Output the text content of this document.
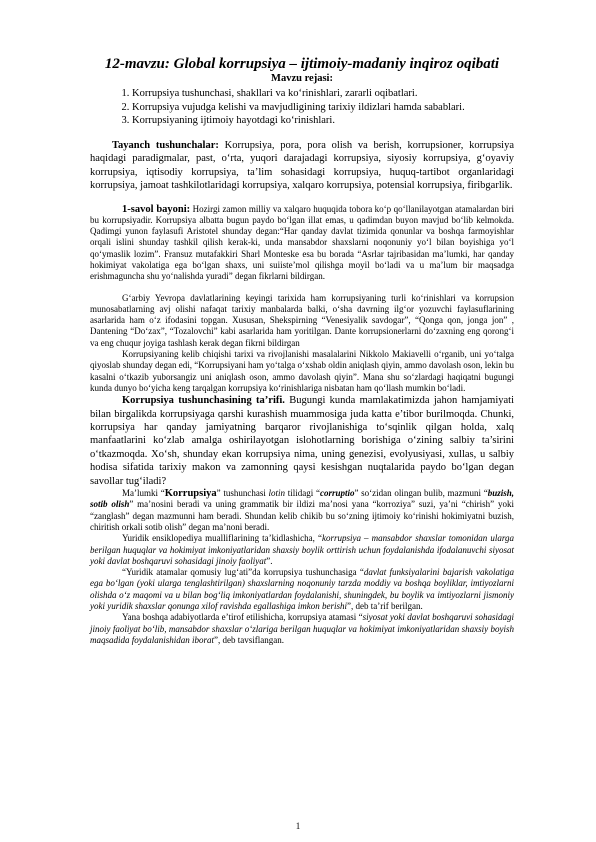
12-mavzu: Global korrupsiya – ijtimoiy-madaniy inqiroz oqibati
Mavzu rejasi:
1. Korrupsiya tushunchasi, shakllari va ko‘rinishlari, zararli oqibatlari.
2. Korrupsiya vujudga kelishi va mavjudligining tarixiy ildizlari hamda sabablari.
3. Korrupsiyaning ijtimoiy hayotdagi ko‘rinishlari.

Tayanch tushunchalar: Korrupsiya, pora, pora olish va berish, korrupsioner, korrupsiya haqidagi paradigmalar, past, o‘rta, yuqori darajadagi korrupsiya, siyosiy korrupsiya, g‘oyaviy korrupsiya, iqtisodiy korrupsiya, ta’lim sohasidagi korrupsiya, huquq-tartibot organlaridagi korrupsiya, jamoat tashkilotlaridagi korrupsiya, xalqaro korrupsiya, potensial korrupsiya, firibgarlik.

1-savol bayoni: Hozirgi zamon milliy va xalqaro huquqida tobora ko‘p qo‘llanilayotgan atamalardan biri bu korrupsiyadir. Korrupsiya albatta bugun paydo bo‘lgan illat emas, u qadimdan buyon mavjud bo‘lib kelmokda. Qadimgi yunon faylasufi Aristotel shunday degan:“Har qanday davlat tizimida qonunlar va boshqa farmoyishlar orqali islini shunday tashkil qilish kerak-ki, unda mansabdor shaxslarni noqonuniy yo‘l bilan boyishiga yo‘l qo‘ymaslik lozim”. Fransuz mutafakkiri Sharl Monteske esa bu borada “Asrlar tajribasidan ma’lumki, har qanday hokimiyat vakolatiga ega bo‘lgan shaxs, uni suiiste’mol qilishga moyil bo‘ladi va u ma’lum bir maqsadga erishmaguncha shu yo‘nalishda yuradi” degan fikrlarni bildirgan.

G‘arbiy Yevropa davlatlarining keyingi tarixida ham korrupsiyaning turli ko‘rinishlari va korrupsion munosabatlarning avj olishi nafaqat tarixiy manbalarda balki, o‘sha davrning ilg‘or yozuvchi faylasuflarining asarlarida ham o‘z ifodasini topgan. Xususan, Shekspirning “Venesiyalik savdogar”, “Qonga qon, jonga jon” , Dantening “Do‘zax”, “Tozalovchi” kabi asarlarida ham yoritilgan. Dante korrupsionerlarni do‘zaxning eng qorong‘i va eng chuqur joyiga tashlash kerak degan fikrni bildirgan

Korrupsiyaning kelib chiqishi tarixi va rivojlanishi masalalarini Nikkolo Makiavelli o‘rganib, uni yo‘talga qiyoslab shunday degan edi, “Korrupsiyani ham yo‘talga o‘xshab oldin aniqlash qiyin, ammo davolash oson, lekin bu kasalni o‘tkazib yuborsangiz uni aniqlash oson, ammo davolash qiyin”. Mana shu so‘zlardagi haqiqatni bugungi kunda dunyo bo‘yicha keng tarqalgan korrupsiya ko‘rinishlariga nisbatan ham qo‘llash mumkin bo‘ladi.

Korrupsiya tushunchasining ta’rifi. Bugungi kunda mamlakatimizda jahon hamjamiyati bilan birgalikda korrupsiyaga qarshi kurashish muammosiga juda katta e’tibor burilmoqda. Chunki, korrupsiya har qanday jamiyatning barqaror rivojlanishiga to‘sqinlik qilgan holda, xalq manfaatlarini ko‘zlab amalga oshirilayotgan islohotlarning borishiga o‘zining salbiy ta’sirini o‘tkazmoqda. Xo‘sh, shunday ekan korrupsiya nima, uning genezisi, evolyusiyasi, xullas, u salbiy hodisa sifatida tarixiy makon va zamonning qaysi kesishgan nuqtalarida paydo bo‘lgan degan savollar tug‘iladi?

Ma’lumki “Korrupsiya” tushunchasi lotin tilidagi “corruptio” so‘zidan olingan bulib, mazmuni “buzish, sotib olish” ma’nosini beradi va uning grammatik bir ildizi ma’nosi yana “korroziya” suzi, ya’ni “chirish” yoki “zanglash” degan mazmunni ham beradi. Shundan kelib chikib bu so‘zning ijtimoiy ko‘rinishi hokimiyatni buzish, chiritish orkali sotib olish” degan ma’noni beradi.

Yuridik ensiklopediya mualliflarining ta’kidlashicha, “korrupsiya – mansabdor shaxslar tomonidan ularga berilgan huquqlar va hokimiyat imkoniyatlaridan shaxsiy boylik orttirish uchun foydalanishda ifodalanuvchi siyosat yoki davlat boshqaruvi sohasidagi jinoiy faoliyat”.

“Yuridik atamalar qomusiy lug‘ati”da korrupsiya tushunchasiga “davlat funksiyalarini bajarish vakolatiga ega bo‘lgan (yoki ularga tenglashtirilgan) shaxslarning noqonuniy tarzda moddiy va boshqa boyliklar, imtiyozlarni olishda o‘z maqomi va u bilan bog‘liq imkoniyatlardan foydalanishi, shuningdek, bu boylik va imtiyozlarni jismoniy yoki yuridik shaxslar qonunga xilof ravishda egallashiga imkon berishi”, deb ta’rif berilgan.

Yana boshqa adabiyotlarda e’tirof etilishicha, korrupsiya atamasi “siyosat yoki davlat boshqaruvi sohasidagi jinoiy faoliyat bo‘lib, mansabdor shaxslar o‘zlariga berilgan huquqlar va hokimiyat imkoniyatlaridan shaxsiy boyish maqsadida foydalanishidan iborat”, deb tavsiflangan.

1
